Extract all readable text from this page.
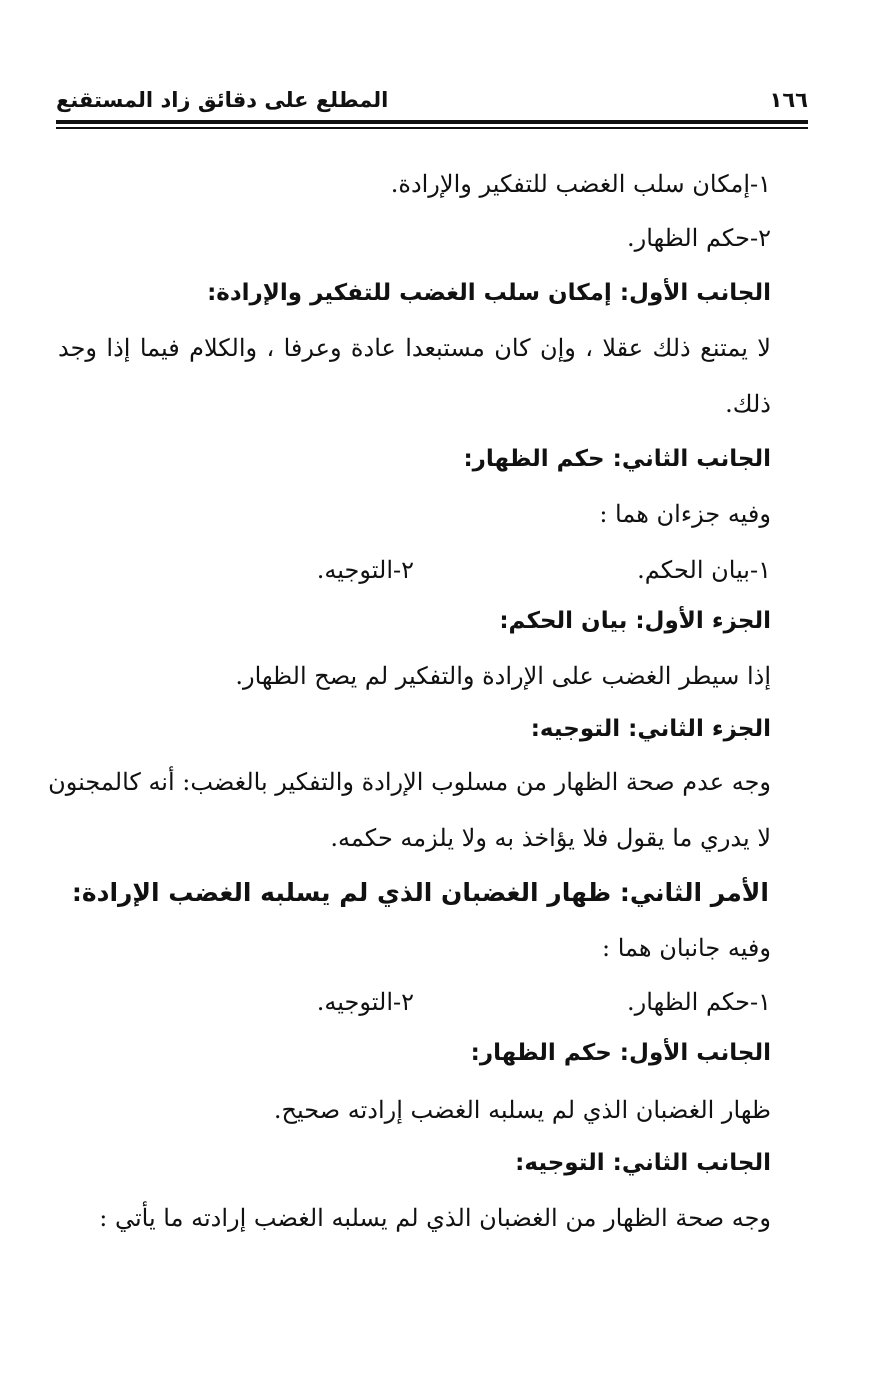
١٦٦
المطلع على دقائق زاد المستقنع
١-إمكان سلب الغضب للتفكير والإرادة.
٢-حكم الظهار.
الجانب الأول: إمكان سلب الغضب للتفكير والإرادة:
لا يمتنع ذلك عقلا ، وإن كان مستبعدا عادة وعرفا ، والكلام فيما إذا وجد
ذلك.
الجانب الثاني: حكم الظهار:
وفيه جزءان هما :
١-بيان الحكم.
٢-التوجيه.
الجزء الأول: بيان الحكم:
إذا سيطر الغضب على الإرادة والتفكير لم يصح الظهار.
الجزء الثاني: التوجيه:
وجه عدم صحة الظهار من مسلوب الإرادة والتفكير بالغضب: أنه كالمجنون
لا يدري ما يقول فلا يؤاخذ به ولا يلزمه حكمه.
الأمر الثاني: ظهار الغضبان الذي لم يسلبه الغضب الإرادة:
وفيه جانبان هما :
١-حكم الظهار.
٢-التوجيه.
الجانب الأول: حكم الظهار:
ظهار الغضبان الذي لم يسلبه الغضب إرادته صحيح.
الجانب الثاني: التوجيه:
وجه صحة الظهار من الغضبان الذي لم يسلبه الغضب إرادته ما يأتي :
